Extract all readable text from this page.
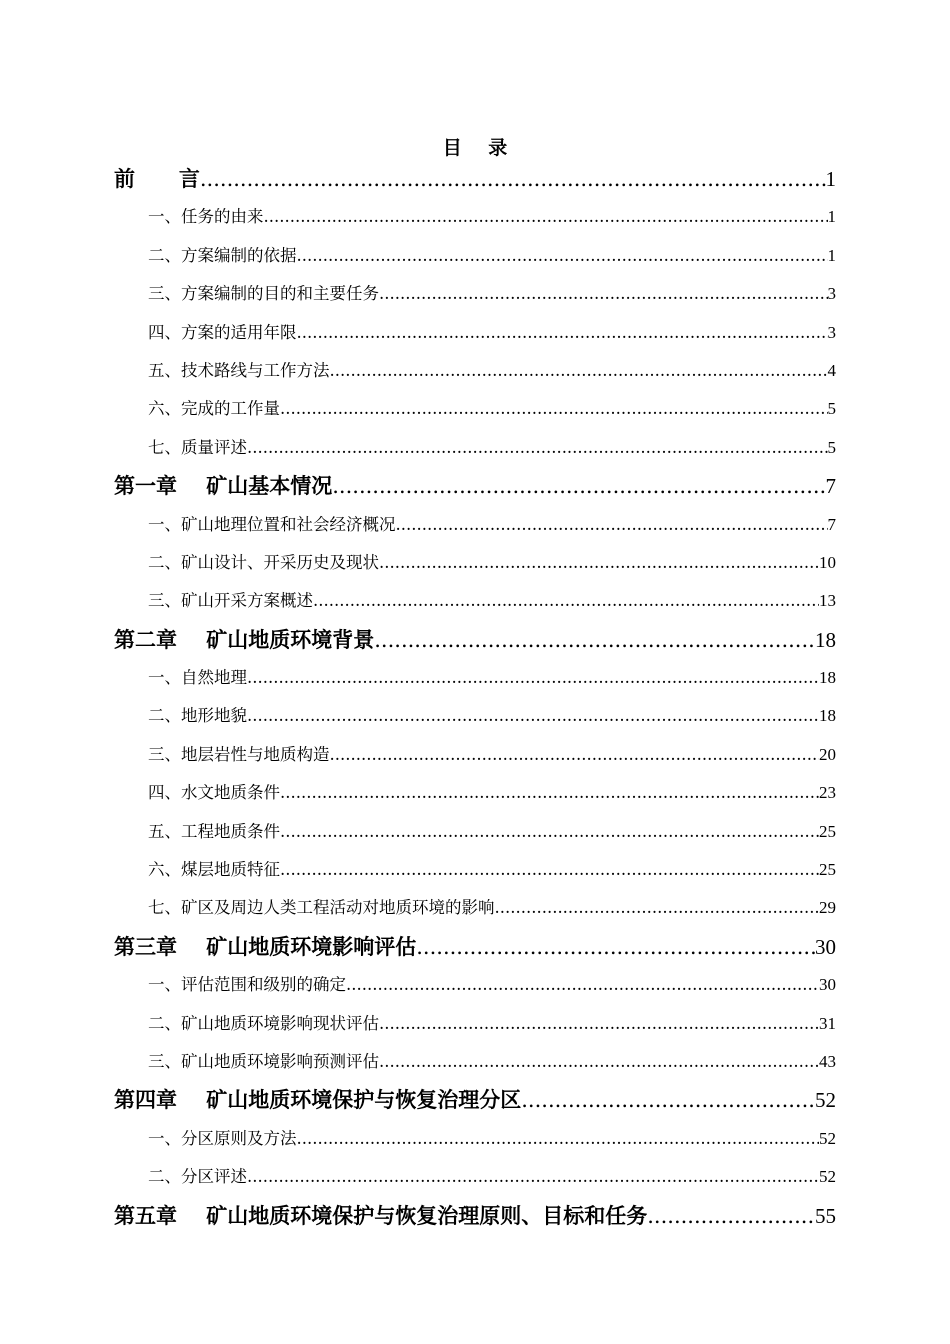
目    录
前      言 .....	1
一、任务的由来 .....	1
二、方案编制的依据 .....	1
三、方案编制的目的和主要任务 .....	3
四、方案的适用年限 .....	3
五、技术路线与工作方法 .....	4
六、完成的工作量 .....	5
七、质量评述 .....	5
第一章    矿山基本情况 .....	7
一、矿山地理位置和社会经济概况 .....	7
二、矿山设计、开采历史及现状 .....	10
三、矿山开采方案概述 .....	13
第二章    矿山地质环境背景 .....	18
一、自然地理 .....	18
二、地形地貌 .....	18
三、地层岩性与地质构造 .....	20
四、水文地质条件 .....	23
五、工程地质条件 .....	25
六、煤层地质特征 .....	25
七、矿区及周边人类工程活动对地质环境的影响 .....	29
第三章    矿山地质环境影响评估 .....	30
一、评估范围和级别的确定 .....	30
二、矿山地质环境影响现状评估 .....	31
三、矿山地质环境影响预测评估 .....	43
第四章    矿山地质环境保护与恢复治理分区 .....	52
一、分区原则及方法 .....	52
二、分区评述 .....	52
第五章    矿山地质环境保护与恢复治理原则、目标和任务 .....	55
